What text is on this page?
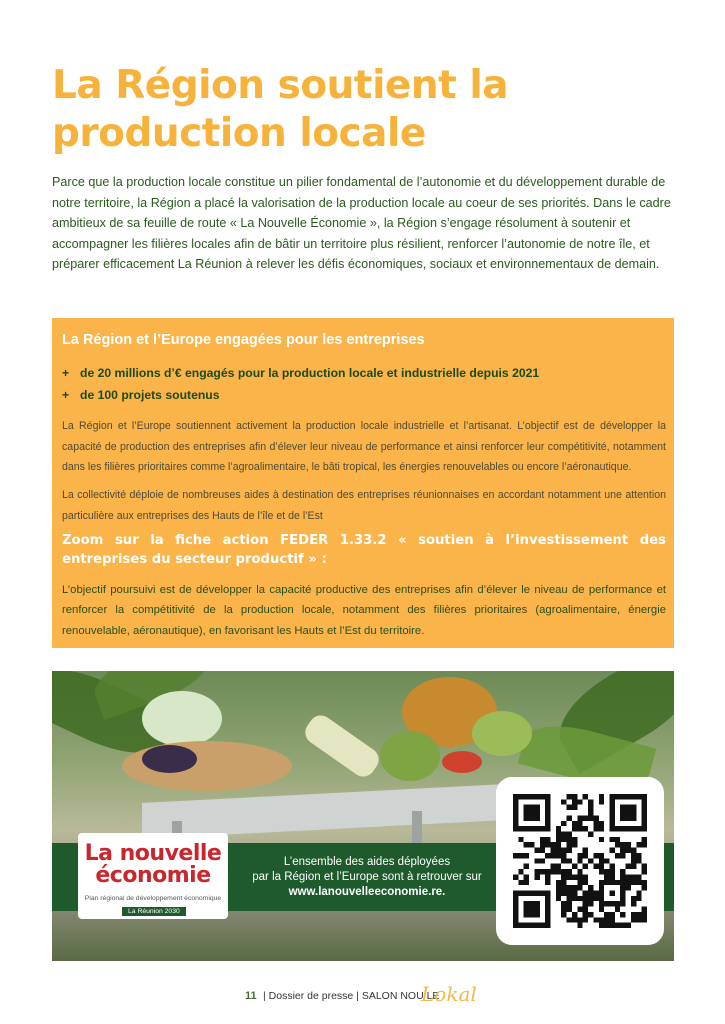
La Région soutient la production locale

Parce que la production locale constitue un pilier fondamental de l’autonomie et du développement durable de notre territoire, la Région a placé la valorisation de la production locale au coeur de ses priorités. Dans le cadre ambitieux de sa feuille de route « La Nouvelle Économie », la Région s’engage résolument à soutenir et accompagner les filières locales afin de bâtir un territoire plus résilient, renforcer l’autonomie de notre île, et préparer efficacement La Réunion à relever les défis économiques, sociaux et environnementaux de demain.

La Région et l’Europe engagées pour les entreprises

+ de 20 millions d’€ engagés pour la production locale et industrielle depuis 2021

+ de 100 projets soutenus

La Région et l’Europe soutiennent activement la production locale industrielle et l’artisanat. L’objectif est de développer la capacité de production des entreprises afin d’élever leur niveau de performance et ainsi renforcer leur compétitivité, notamment dans les filières prioritaires comme l’agroalimentaire, le bâti tropical, les énergies renouvelables ou encore l’aéronautique.

La collectivité déploie de nombreuses aides à destination des entreprises réunionnaises en accordant notamment une attention particulière aux entreprises des Hauts de l’île et de l’Est

Zoom sur la fiche action FEDER 1.33.2 « soutien à l’investissement des entreprises du secteur productif » :

L’objectif poursuivi est de développer la capacité productive des entreprises afin d’élever le niveau de performance et renforcer la compétitivité de la production locale, notamment des filières prioritaires (agroalimentaire, énergie renouvelable, aéronautique), en favorisant les Hauts et l’Est du territoire.

L’ensemble des aides déployées
par la Région et l’Europe sont à retrouver sur
www.lanouvelleeconomie.re.

La nouvelle

économie

Plan régional de développement économique

La Réunion 2030
11 | Dossier de presse | SALON NOU LE
Lokal
